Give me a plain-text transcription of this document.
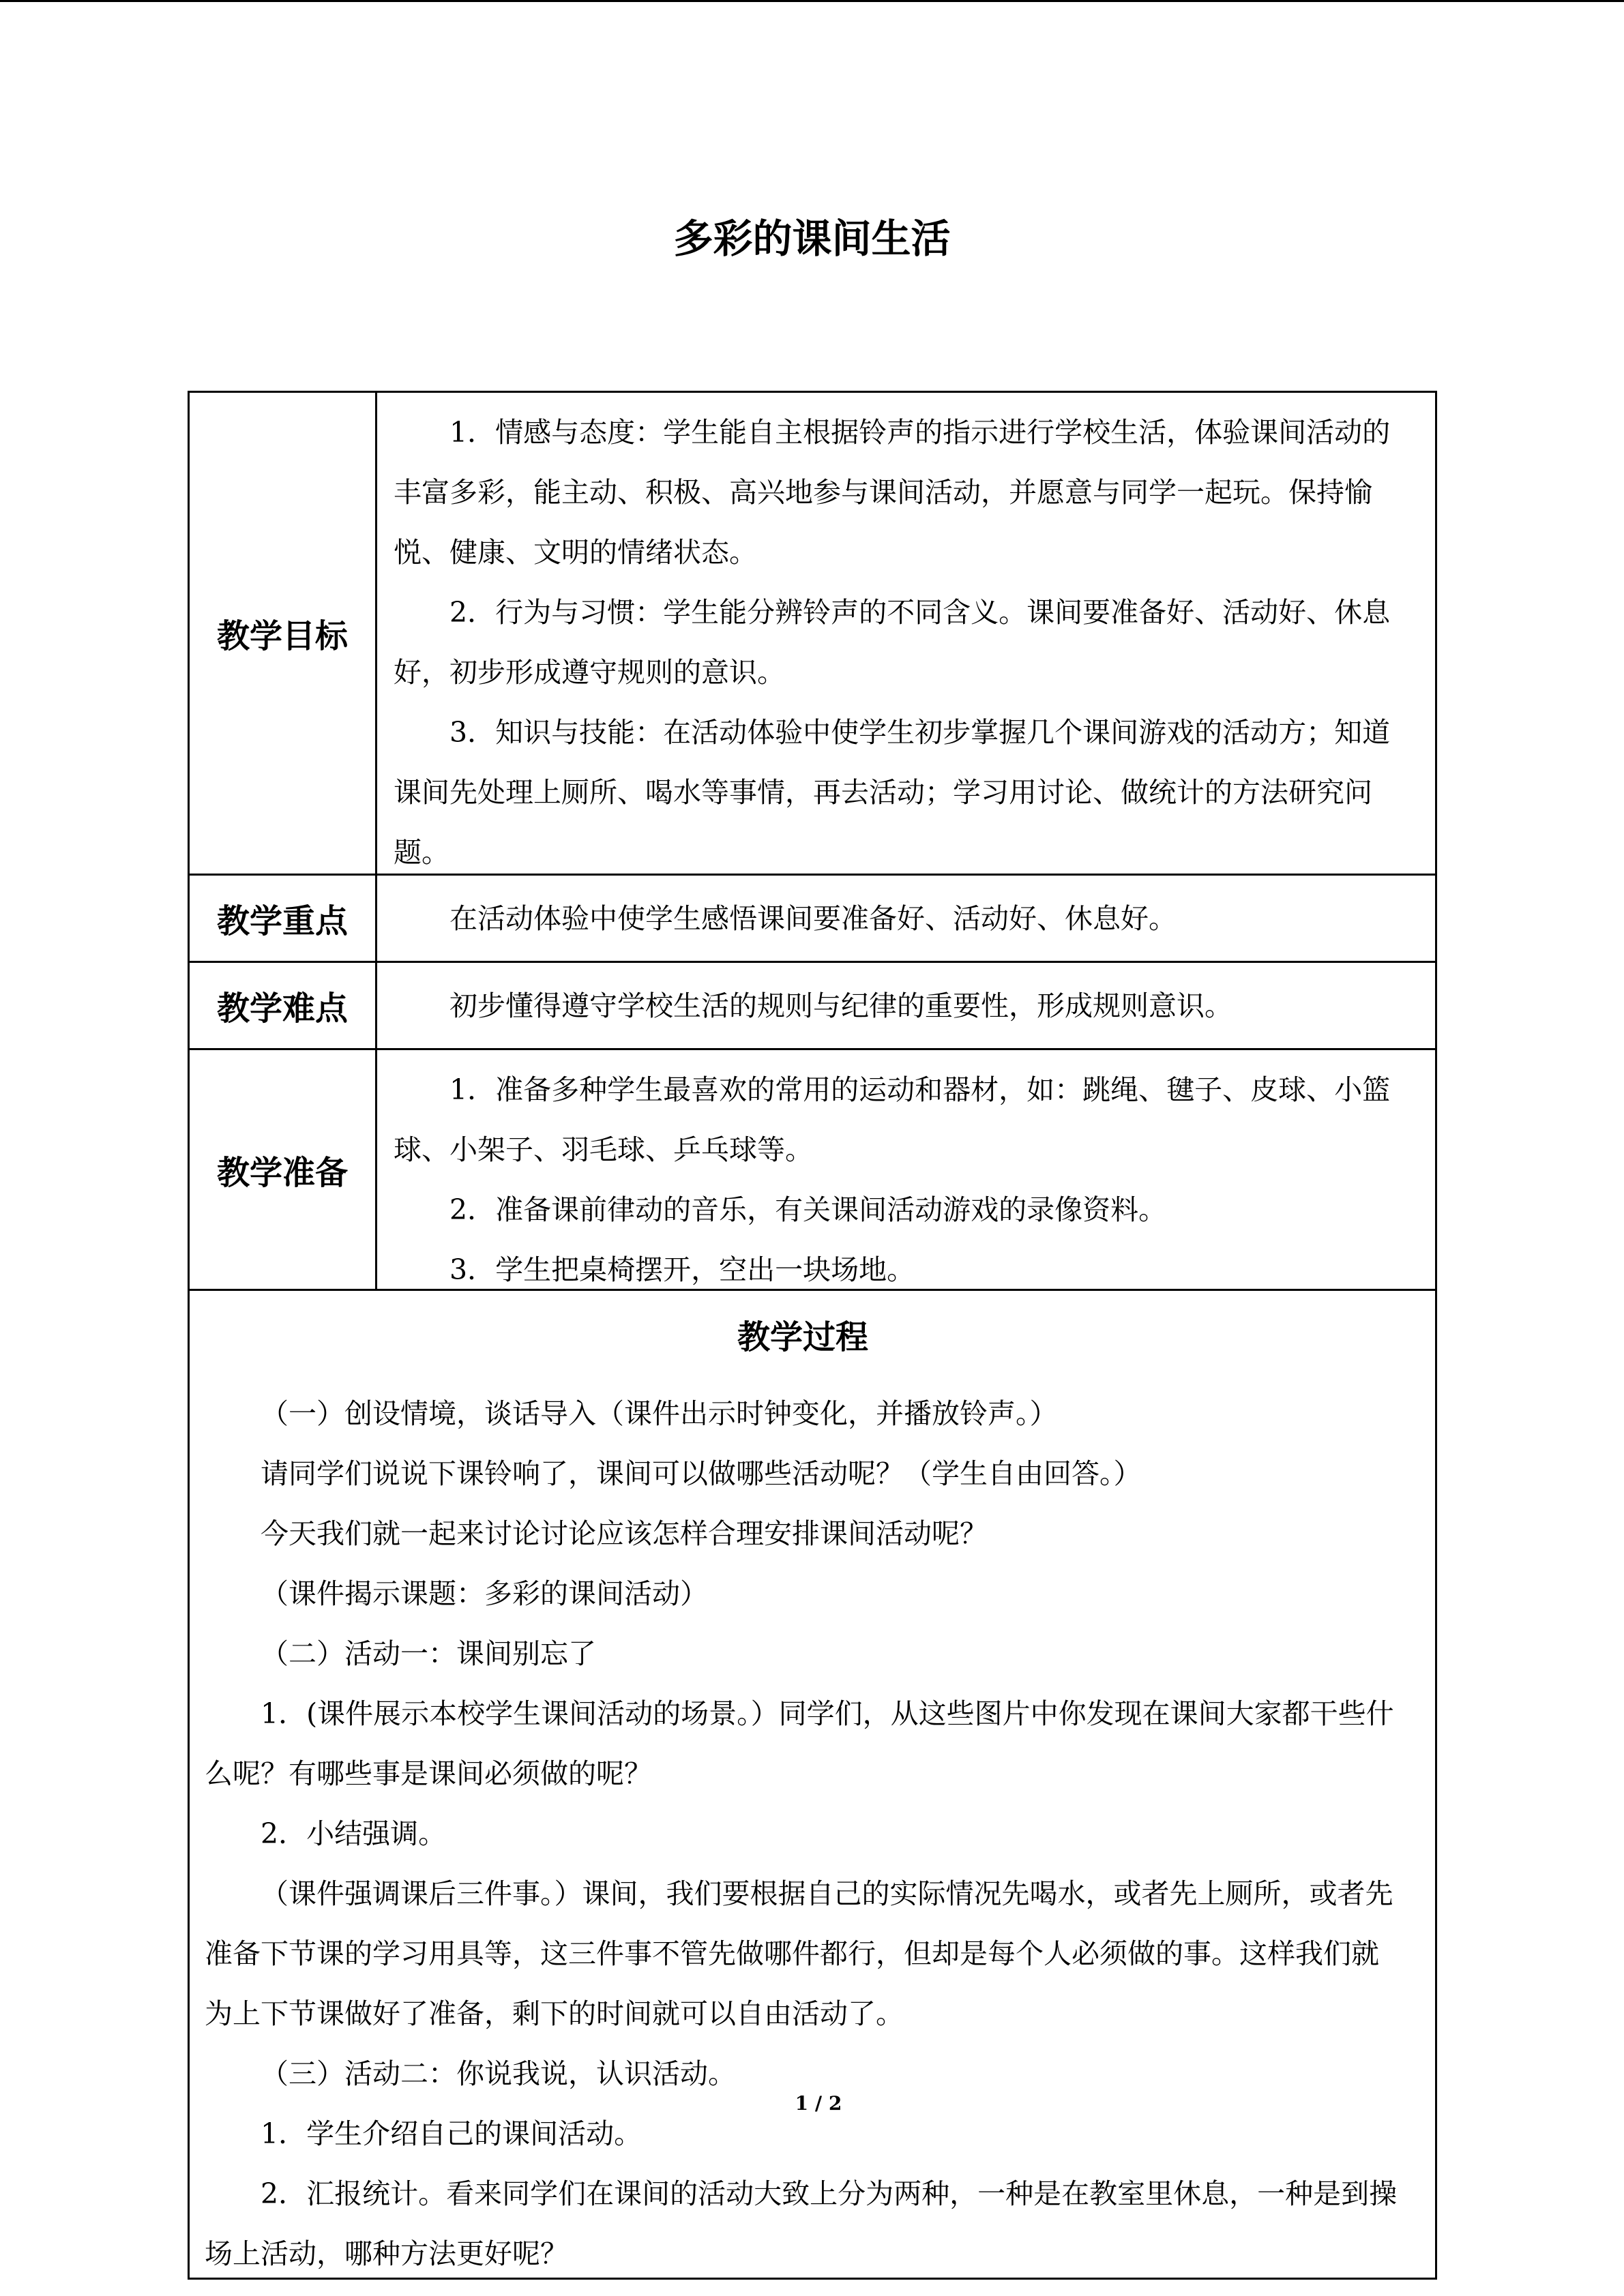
多彩的课间生活
教学目标

1．情感与态度：学生能自主根据铃声的指示进行学校生活，体验课间活动的丰富多彩，能主动、积极、高兴地参与课间活动，并愿意与同学一起玩。保持愉悦、健康、文明的情绪状态。

2．行为与习惯：学生能分辨铃声的不同含义。课间要准备好、活动好、休息好，初步形成遵守规则的意识。

3．知识与技能：在活动体验中使学生初步掌握几个课间游戏的活动方；知道课间先处理上厕所、喝水等事情，再去活动；学习用讨论、做统计的方法研究问题。

教学重点	在活动体验中使学生感悟课间要准备好、活动好、休息好。

教学难点	初步懂得遵守学校生活的规则与纪律的重要性，形成规则意识。

教学准备

1．准备多种学生最喜欢的常用的运动和器材，如：跳绳、毽子、皮球、小篮球、小架子、羽毛球、乒乓球等。

2．准备课前律动的音乐，有关课间活动游戏的录像资料。

3．学生把桌椅摆开，空出一块场地。

教学过程

（一）创设情境，谈话导入（课件出示时钟变化，并播放铃声。）

请同学们说说下课铃响了，课间可以做哪些活动呢？（学生自由回答。）

今天我们就一起来讨论讨论应该怎样合理安排课间活动呢？

（课件揭示课题：多彩的课间活动）

（二）活动一：课间别忘了

1．(课件展示本校学生课间活动的场景。）同学们，从这些图片中你发现在课间大家都干些什么呢？有哪些事是课间必须做的呢？

2．小结强调。

（课件强调课后三件事。）课间，我们要根据自己的实际情况先喝水，或者先上厕所，或者先准备下节课的学习用具等，这三件事不管先做哪件都行，但却是每个人必须做的事。这样我们就为上下节课做好了准备，剩下的时间就可以自由活动了。

（三）活动二：你说我说，认识活动。

1．学生介绍自己的课间活动。

2．汇报统计。看来同学们在课间的活动大致上分为两种，一种是在教室里休息，一种是到操场上活动，哪种方法更好呢？

1 / 2
